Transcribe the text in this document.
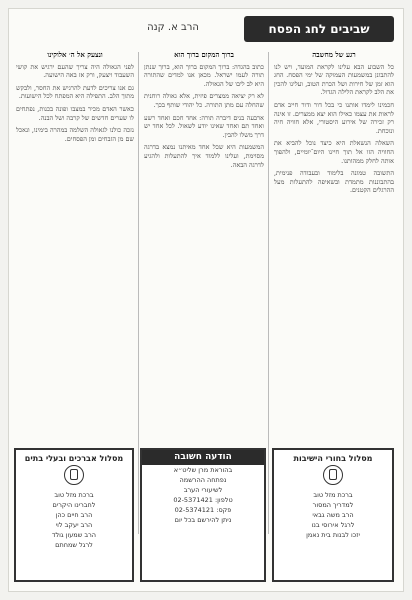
שביבים לחג הפסח
הרב א. קנה

רגע של מחשבה

כל השבוע הבא עלינו לקראת המועד, ויש לנו להתבונן במשמעות העמוקה של ימי הפסח. החג הוא זמן של חירות ושל הכרת הטוב, ועלינו להכין את הלב לקראת הלילה הגדול.

חכמינו לימדו אותנו כי בכל דור ודור חייב אדם לראות את עצמו כאילו הוא יצא ממצרים. זו אינה רק זכירה של אירוע היסטורי, אלא חוויה חיה ונוכחת.

השאלה הנשאלת היא כיצד נוכל להביא את החוויה הזו אל תוך חיינו היום־יומיים, ולהפוך אותה לחלק ממהותנו.

התשובה טמונה בלימוד ובעבודה פנימית, בהתבוננות מתמדת ובשאיפה להתעלות מעל ההרגלים הקטנים.

ברוך המקום ברוך הוא

כתוב בהגדה: ברוך המקום ברוך הוא, ברוך שנתן תורה לעמו ישראל. מכאן אנו למדים שהתורה היא לב ליבו של הגאולה.

לא רק יציאה ממצרים פיזית, אלא גאולה רוחנית שהחלה עם מתן התורה. כל יהודי שותף בכך.

ארבעה בנים דיברה תורה: אחד חכם ואחד רשע ואחד תם ואחד שאינו יודע לשאול. לכל אחד יש דרך משלו להבין.

המשמעות היא שכל אחד מאיתנו נמצא בדרגה מסוימת, ועלינו ללמוד איך להתעלות ולהגיע לדרגה הבאה.

ונצעק אל ה׳ אלוקינו

לפני הגאולה היה צריך שהעם ירגיש את קושי השעבוד ויצעק, ורק אז באה הישועה.

גם אנו צריכים לדעת להרגיש את החסר, ולבקש מתוך הלב. התפילה היא המפתח לכל הישועות.

כאשר האדם מכיר במצבו ופונה בכנות, נפתחים לו שערים חדשים של קרבה ושל הבנה.

נזכה כולנו לגאולה השלמה במהרה בימינו, ונאכל שם מן הזבחים ומן הפסחים.

מסלול בחורי הישיבות
ברכת מזל טוב
למדריך המסור
הרב משה גבאי
לרגל אירוסי בנו
יזכו לבנות בית נאמן
הודעה חשובה
בהוראת מרן שליט״א
נפתחה ההרשמה
לשיעורי הערב
טלפון: 02-5371421
פקס: 02-5374121
ניתן להירשם בכל יום
מסלול אברכים ובעלי בתים
ברכת מזל טוב
לחברינו היקרים
הרב חיים כהן
הרב יעקב לוי
הרב שמעון גולד
לרגל שמחתם
